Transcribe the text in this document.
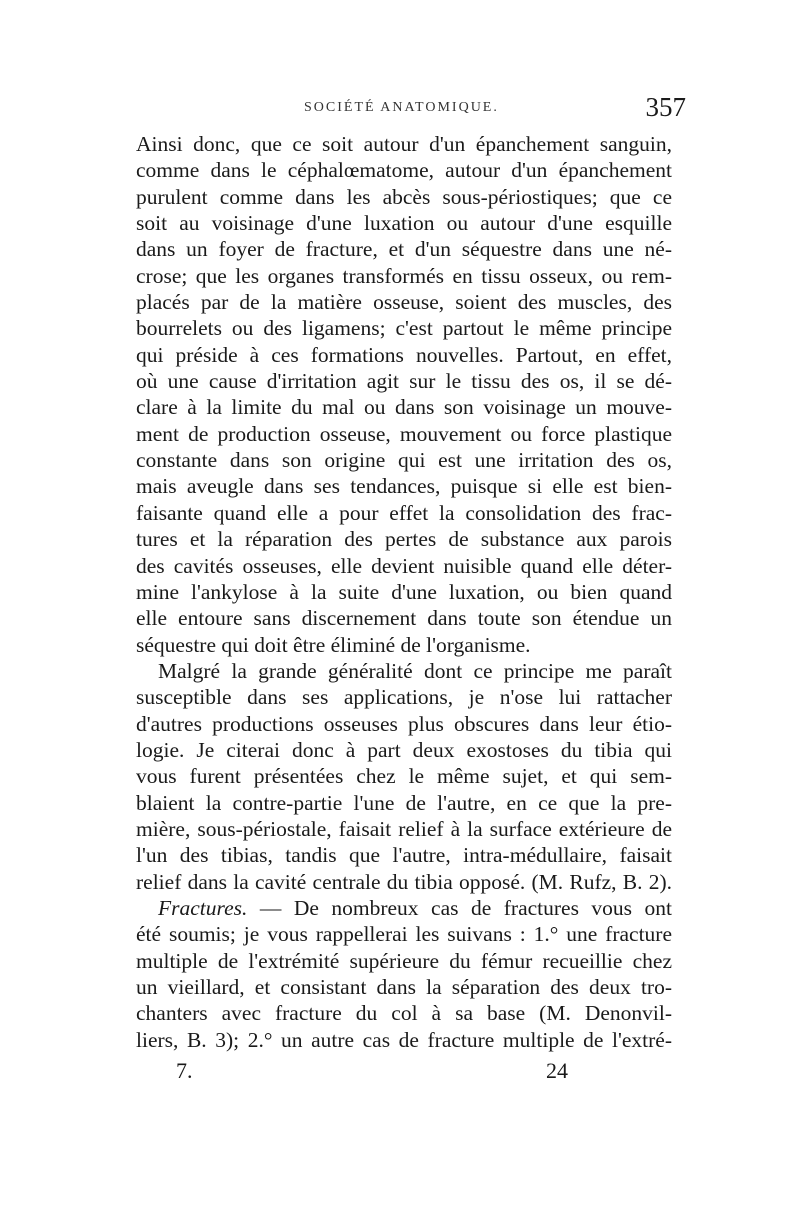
SOCIÉTÉ ANATOMIQUE.	357
Ainsi donc, que ce soit autour d'un épanchement sanguin,
comme dans le céphalœmatome, autour d'un épanchement
purulent comme dans les abcès sous-périostiques; que ce
soit au voisinage d'une luxation ou autour d'une esquille
dans un foyer de fracture, et d'un séquestre dans une né-
crose; que les organes transformés en tissu osseux, ou rem-
placés par de la matière osseuse, soient des muscles, des
bourrelets ou des ligamens; c'est partout le même principe
qui préside à ces formations nouvelles. Partout, en effet,
où une cause d'irritation agit sur le tissu des os, il se dé-
clare à la limite du mal ou dans son voisinage un mouve-
ment de production osseuse, mouvement ou force plastique
constante dans son origine qui est une irritation des os,
mais aveugle dans ses tendances, puisque si elle est bien-
faisante quand elle a pour effet la consolidation des frac-
tures et la réparation des pertes de substance aux parois
des cavités osseuses, elle devient nuisible quand elle déter-
mine l'ankylose à la suite d'une luxation, ou bien quand
elle entoure sans discernement dans toute son étendue un
séquestre qui doit être éliminé de l'organisme.
Malgré la grande généralité dont ce principe me paraît
susceptible dans ses applications, je n'ose lui rattacher
d'autres productions osseuses plus obscures dans leur étio-
logie. Je citerai donc à part deux exostoses du tibia qui
vous furent présentées chez le même sujet, et qui sem-
blaient la contre-partie l'une de l'autre, en ce que la pre-
mière, sous-périostale, faisait relief à la surface extérieure de
l'un des tibias, tandis que l'autre, intra-médullaire, faisait
relief dans la cavité centrale du tibia opposé. (M. Rufz, B. 2).
Fractures. — De nombreux cas de fractures vous ont
été soumis; je vous rappellerai les suivans : 1.° une fracture
multiple de l'extrémité supérieure du fémur recueillie chez
un vieillard, et consistant dans la séparation des deux tro-
chanters avec fracture du col à sa base (M. Denonvil-
liers, B. 3); 2.° un autre cas de fracture multiple de l'extré-
7.	24
